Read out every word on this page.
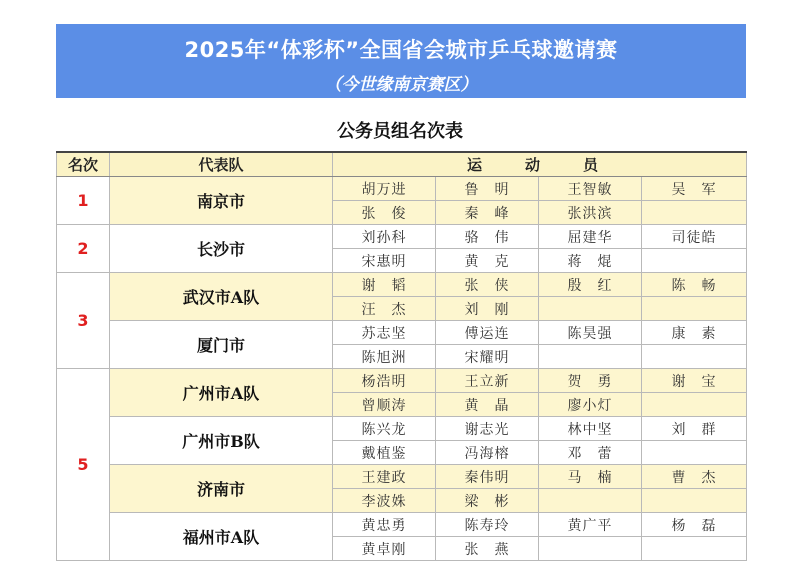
2025年“体彩杯”全国省会城市乒乓球邀请赛
（今世缘南京赛区）
公务员组名次表
名次	代表队	运　动　员			
1	南京市	胡万进	鲁　明	王智敏	吴　军
		张　俊	秦　峰	张洪滨	
2	长沙市	刘孙科	骆　伟	屈建华	司徒皓
		宋惠明	黄　克	蒋　焜	
3	武汉市A队	谢　韬	张　侠	殷　红	陈　畅
		汪　杰	刘　刚		
	厦门市	苏志坚	傅运连	陈昊强	康　素
		陈旭洲	宋耀明		
5	广州市A队	杨浩明	王立新	贺　勇	谢　宝
		曾顺涛	黄　晶	廖小灯	
	广州市B队	陈兴龙	谢志光	林中坚	刘　群
		戴植鉴	冯海榕	邓　蕾	
	济南市	王建政	秦伟明	马　楠	曹　杰
		李波姝	梁　彬		
	福州市A队	黄忠勇	陈寿玲	黄广平	杨　磊
		黄卓刚	张　燕		
